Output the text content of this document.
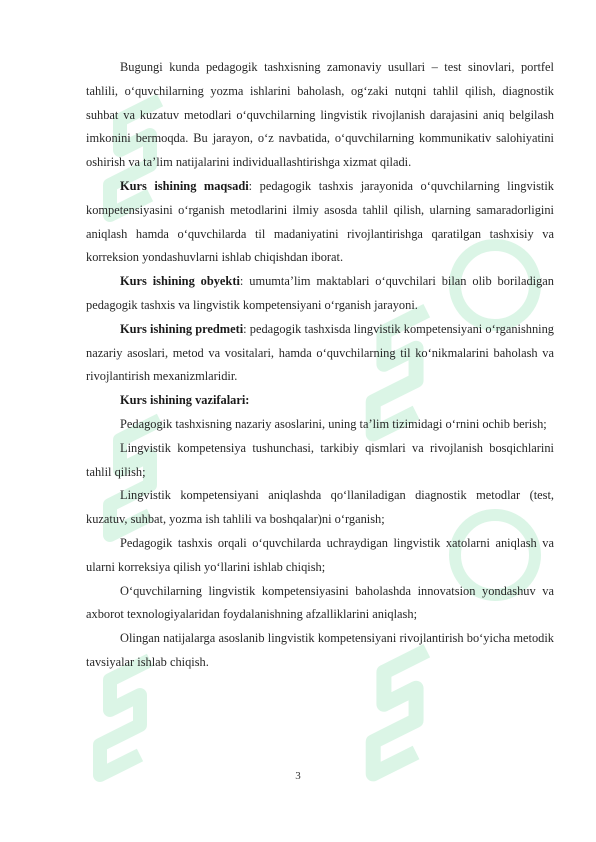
Bugungi kunda pedagogik tashxisning zamonaviy usullari – test sinovlari, portfel tahlili, o‘quvchilarning yozma ishlarini baholash, og‘zaki nutqni tahlil qilish, diagnostik suhbat va kuzatuv metodlari o‘quvchilarning lingvistik rivojlanish darajasini aniq belgilash imkonini bermoqda. Bu jarayon, o‘z navbatida, o‘quvchilarning kommunikativ salohiyatini oshirish va ta’lim natijalarini individuallashtirishga xizmat qiladi.

Kurs ishining maqsadi: pedagogik tashxis jarayonida o‘quvchilarning lingvistik kompetensiyasini o‘rganish metodlarini ilmiy asosda tahlil qilish, ularning samaradorligini aniqlash hamda o‘quvchilarda til madaniyatini rivojlantirishga qaratilgan tashxisiy va korreksion yondashuvlarni ishlab chiqishdan iborat.

Kurs ishining obyekti: umumta’lim maktablari o‘quvchilari bilan olib boriladigan pedagogik tashxis va lingvistik kompetensiyani o‘rganish jarayoni.

Kurs ishining predmeti: pedagogik tashxisda lingvistik kompetensiyani o‘rganishning nazariy asoslari, metod va vositalari, hamda o‘quvchilarning til ko‘nikmalarini baholash va rivojlantirish mexanizmlaridir.

Kurs ishining vazifalari:

Pedagogik tashxisning nazariy asoslarini, uning ta’lim tizimidagi o‘rnini ochib berish;

Lingvistik kompetensiya tushunchasi, tarkibiy qismlari va rivojlanish bosqichlarini tahlil qilish;

Lingvistik kompetensiyani aniqlashda qo‘llaniladigan diagnostik metodlar (test, kuzatuv, suhbat, yozma ish tahlili va boshqalar)ni o‘rganish;

Pedagogik tashxis orqali o‘quvchilarda uchraydigan lingvistik xatolarni aniqlash va ularni korreksiya qilish yo‘llarini ishlab chiqish;

O‘quvchilarning lingvistik kompetensiyasini baholashda innovatsion yondashuv va axborot texnologiyalaridan foydalanishning afzalliklarini aniqlash;

Olingan natijalarga asoslanib lingvistik kompetensiyani rivojlantirish bo‘yicha metodik tavsiyalar ishlab chiqish.

3
